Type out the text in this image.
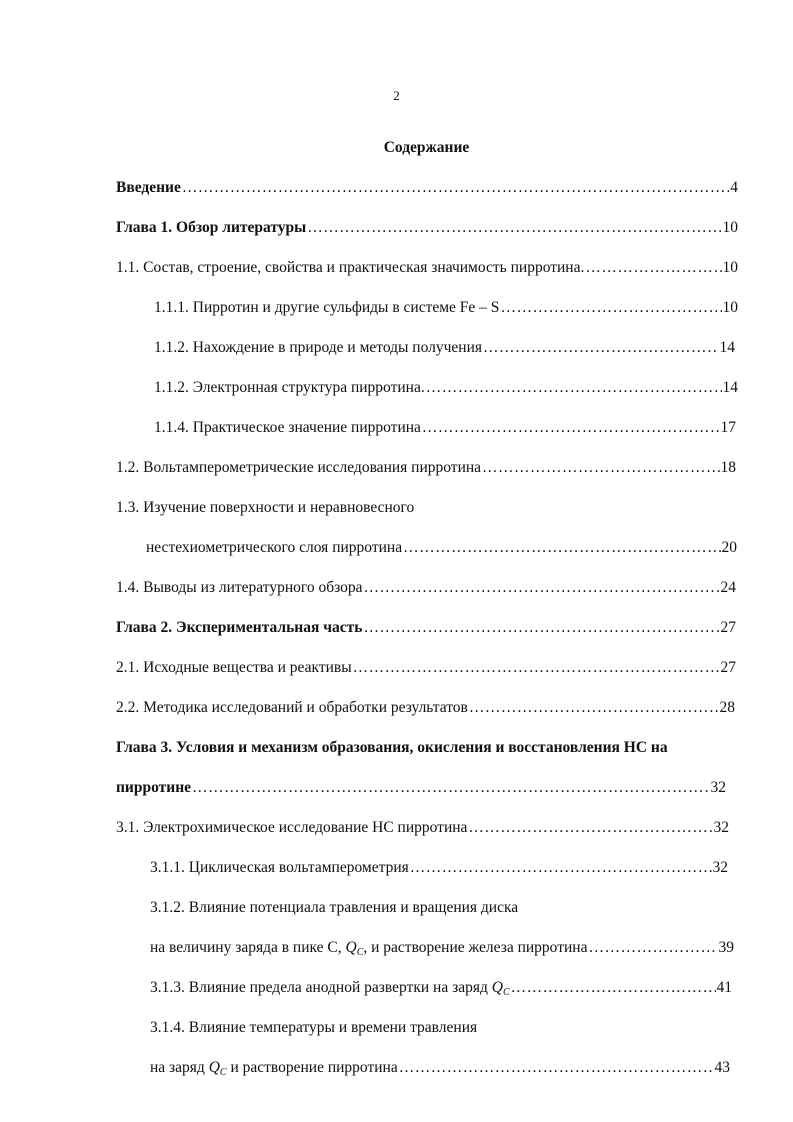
2
Содержание
Введение ………………………………………………………………………………………………………………………………………………………………………………………………………………	4
Глава 1. Обзор литературы ………………………………………………………………………………………………………………………………………………………………………………………………………………	10
1.1. Состав, строение, свойства и практическая значимость пирротина. ………………………………………………………………………………………………………………………………………………………………………………………………………………	10
1.1.1. Пирротин и другие сульфиды в системе Fe – S ………………………………………………………………………………………………………………………………………………………………………………………………………………	10
1.1.2. Нахождение в природе и методы получения ………………………………………………………………………………………………………………………………………………………………………………………………………………	14
1.1.2. Электронная структура пирротина. ………………………………………………………………………………………………………………………………………………………………………………………………………………	14
1.1.4. Практическое значение пирротина ………………………………………………………………………………………………………………………………………………………………………………………………………………	17
1.2. Вольтамперометрические исследования пирротина ………………………………………………………………………………………………………………………………………………………………………………………………………………	18
1.3. Изучение поверхности и неравновесного
нестехиометрического слоя пирротина ………………………………………………………………………………………………………………………………………………………………………………………………………………	20
1.4. Выводы из литературного обзора ………………………………………………………………………………………………………………………………………………………………………………………………………………	24
Глава 2. Экспериментальная часть ………………………………………………………………………………………………………………………………………………………………………………………………………………	27
2.1. Исходные вещества и реактивы ………………………………………………………………………………………………………………………………………………………………………………………………………………	27
2.2. Методика исследований и обработки результатов ………………………………………………………………………………………………………………………………………………………………………………………………………………	28
Глава 3. Условия и механизм образования, окисления и восстановления НС на
пирротине ………………………………………………………………………………………………………………………………………………………………………………………………………………	32
3.1. Электрохимическое исследование НС пирротина ………………………………………………………………………………………………………………………………………………………………………………………………………………	32
3.1.1. Циклическая вольтамперометрия ………………………………………………………………………………………………………………………………………………………………………………………………………………	32
3.1.2. Влияние потенциала травления и вращения диска
на величину заряда в пике С, $Q_C$, и растворение железа пирротина ………………………………………………………………………………………………………………………………………………………………………………………………………………	39
3.1.3. Влияние предела анодной развертки на заряд $Q_C$ ………………………………………………………………………………………………………………………………………………………………………………………………………………	41
3.1.4. Влияние температуры и времени травления
на заряд $Q_C$ и растворение пирротина ………………………………………………………………………………………………………………………………………………………………………………………………………………	43
